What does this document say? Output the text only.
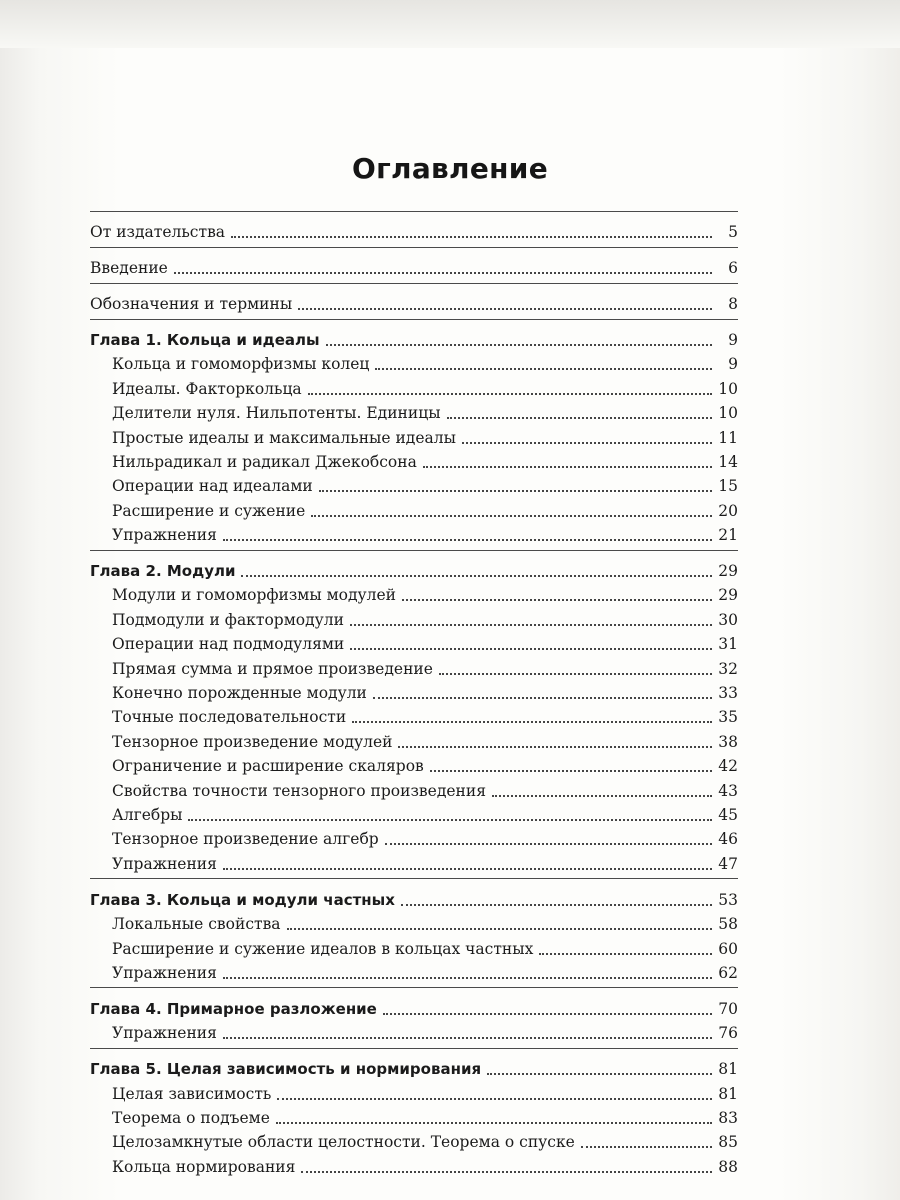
Оглавление
От издательства	5
Введение	6
Обозначения и термины	8
Глава 1. Кольца и идеалы	9
Кольца и гомоморфизмы колец	9
Идеалы. Факторкольца	10
Делители нуля. Нильпотенты. Единицы	10
Простые идеалы и максимальные идеалы	11
Нильрадикал и радикал Джекобсона	14
Операции над идеалами	15
Расширение и сужение	20
Упражнения	21
Глава 2. Модули	29
Модули и гомоморфизмы модулей	29
Подмодули и фактормодули	30
Операции над подмодулями	31
Прямая сумма и прямое произведение	32
Конечно порожденные модули	33
Точные последовательности	35
Тензорное произведение модулей	38
Ограничение и расширение скаляров	42
Свойства точности тензорного произведения	43
Алгебры	45
Тензорное произведение алгебр	46
Упражнения	47
Глава 3. Кольца и модули частных	53
Локальные свойства	58
Расширение и сужение идеалов в кольцах частных	60
Упражнения	62
Глава 4. Примарное разложение	70
Упражнения	76
Глава 5. Целая зависимость и нормирования	81
Целая зависимость	81
Теорема о подъеме	83
Целозамкнутые области целостности. Теорема о спуске	85
Кольца нормирования	88
